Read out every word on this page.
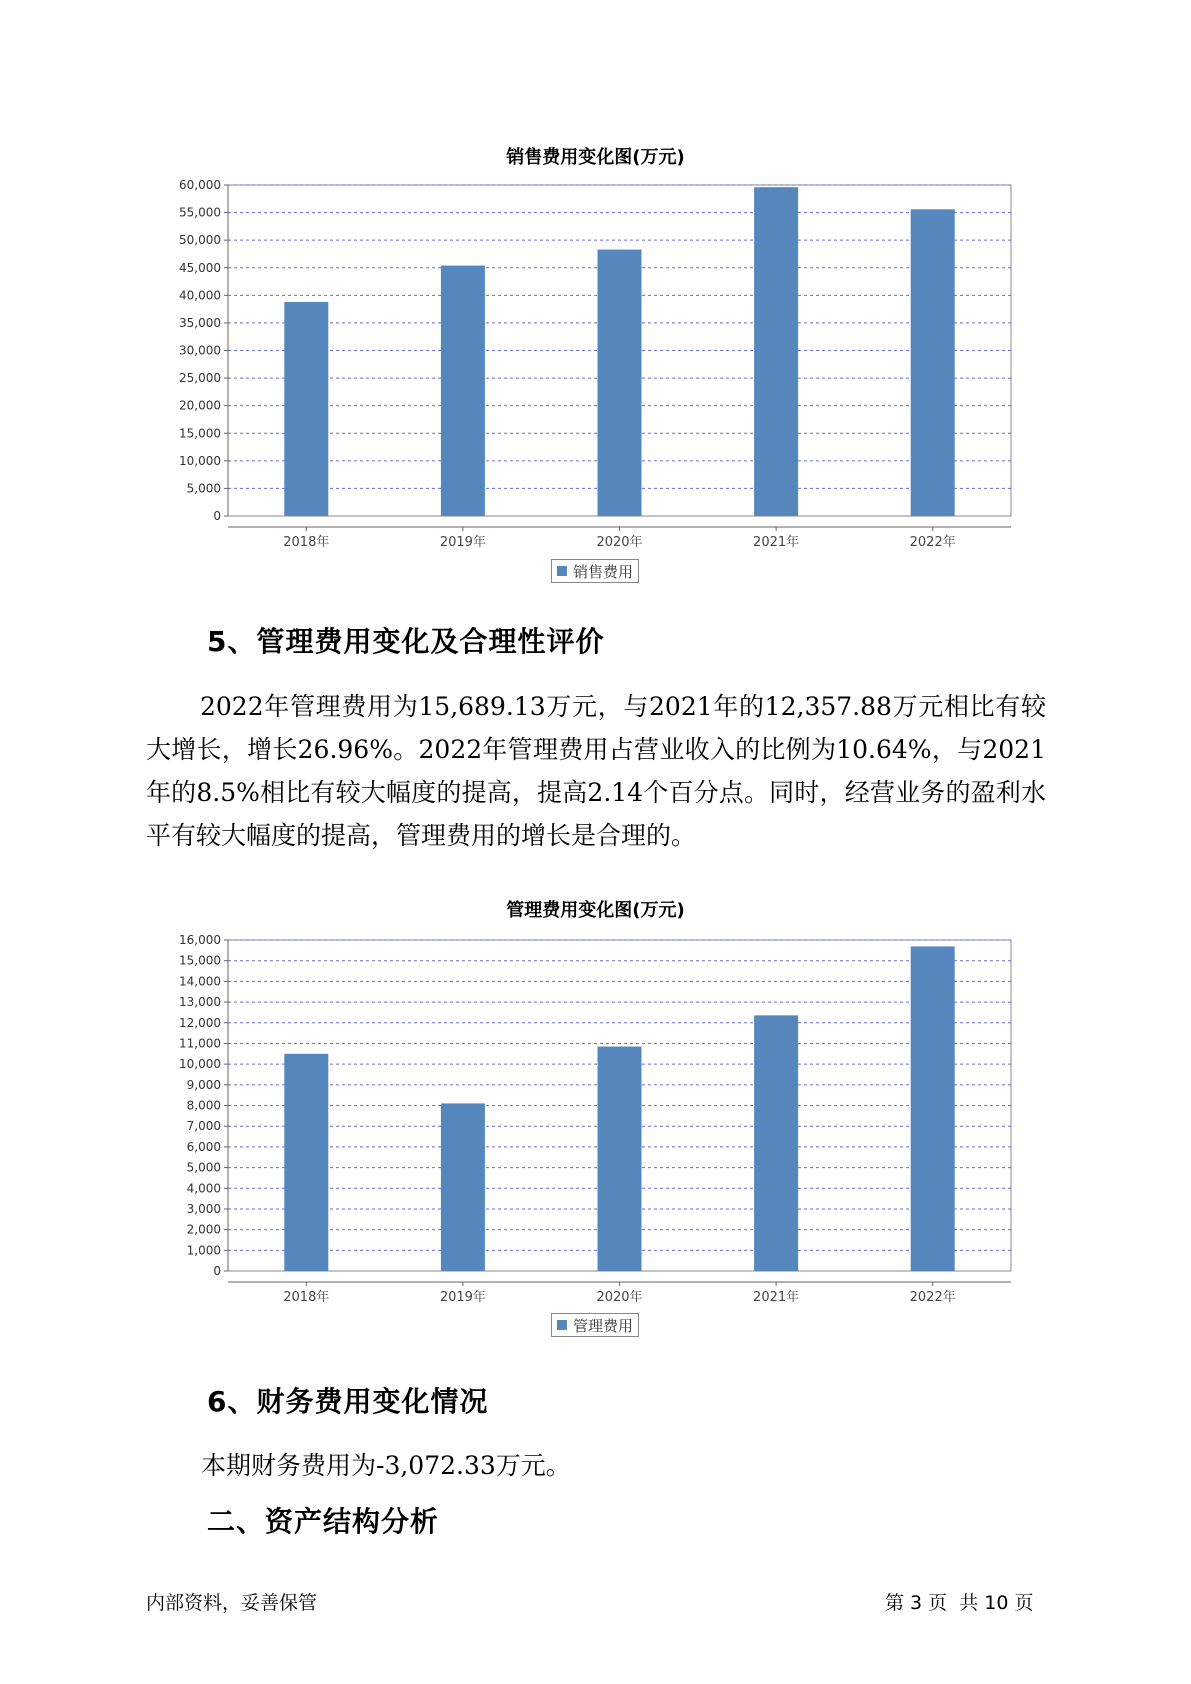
销售费用变化图(万元)
0
5,000
10,000
15,000
20,000
25,000
30,000
35,000
40,000
45,000
50,000
55,000
60,000
2018年	2019年	2020年	2021年	2022年
销售费用
5、管理费用变化及合理性评价
2022年管理费用为15,689.13万元，与2021年的12,357.88万元相比有较大增长，增长26.96%。2022年管理费用占营业收入的比例为10.64%，与2021年的8.5%相比有较大幅度的提高，提高2.14个百分点。同时，经营业务的盈利水平有较大幅度的提高，管理费用的增长是合理的。
管理费用变化图(万元)
0
1,000
2,000
3,000
4,000
5,000
6,000
7,000
8,000
9,000
10,000
11,000
12,000
13,000
14,000
15,000
16,000
2018年	2019年	2020年	2021年	2022年
管理费用
6、财务费用变化情况
本期财务费用为-3,072.33万元。
二、资产结构分析
内部资料，妥善保管	第 3 页  共 10 页
